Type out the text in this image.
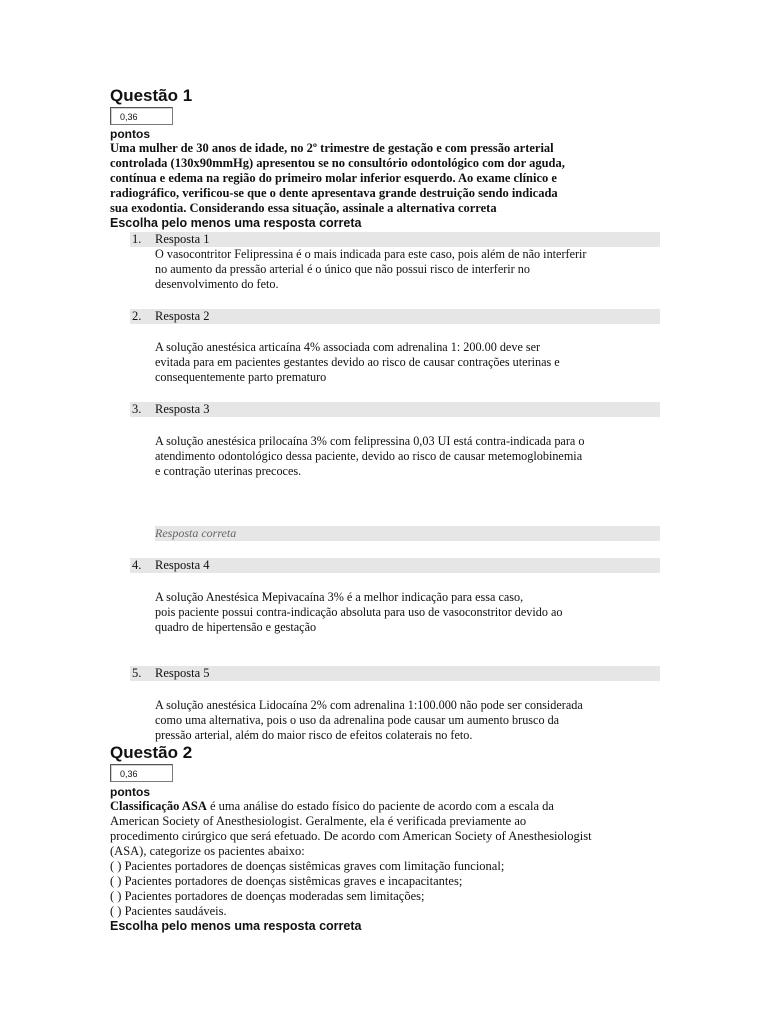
Questão 1
0,36
pontos
Uma mulher de 30 anos de idade, no 2º trimestre de gestação e com pressão arterial
controlada (130x90mmHg) apresentou se no consultório odontológico com dor aguda,
contínua e edema na região do primeiro molar inferior esquerdo. Ao exame clínico e
radiográfico, verificou-se que o dente apresentava grande destruição sendo indicada
sua exodontia. Considerando essa situação, assinale a alternativa correta
Escolha pelo menos uma resposta correta
1. Resposta 1
O vasocontritor Felipressina é o mais indicada para este caso, pois além de não interferir
no aumento da pressão arterial é o único que não possui risco de interferir no
desenvolvimento do feto.
2. Resposta 2
A solução anestésica articaína 4% associada com adrenalina 1: 200.00 deve ser
evitada para em pacientes gestantes devido ao risco de causar contrações uterinas e
consequentemente parto prematuro
3. Resposta 3
A solução anestésica prilocaína 3% com felipressina 0,03 UI está contra-indicada para o
atendimento odontológico dessa paciente, devido ao risco de causar metemoglobinemia
e contração uterinas precoces.
Resposta correta
4. Resposta 4
A solução Anestésica Mepivacaína 3% é a melhor indicação para essa caso,
pois paciente possui contra-indicação absoluta para uso de vasoconstritor devido ao
quadro de hipertensão e gestação
5. Resposta 5
A solução anestésica Lidocaína 2% com adrenalina 1:100.000 não pode ser considerada
como uma alternativa, pois o uso da adrenalina pode causar um aumento brusco da
pressão arterial, além do maior risco de efeitos colaterais no feto.
Questão 2
0,36
pontos
Classificação ASA é uma análise do estado físico do paciente de acordo com a escala da
American Society of Anesthesiologist. Geralmente, ela é verificada previamente ao
procedimento cirúrgico que será efetuado. De acordo com American Society of Anesthesiologist
(ASA), categorize os pacientes abaixo:
( ) Pacientes portadores de doenças sistêmicas graves com limitação funcional;
( ) Pacientes portadores de doenças sistêmicas graves e incapacitantes;
( ) Pacientes portadores de doenças moderadas sem limitações;
( ) Pacientes saudáveis.
Escolha pelo menos uma resposta correta
